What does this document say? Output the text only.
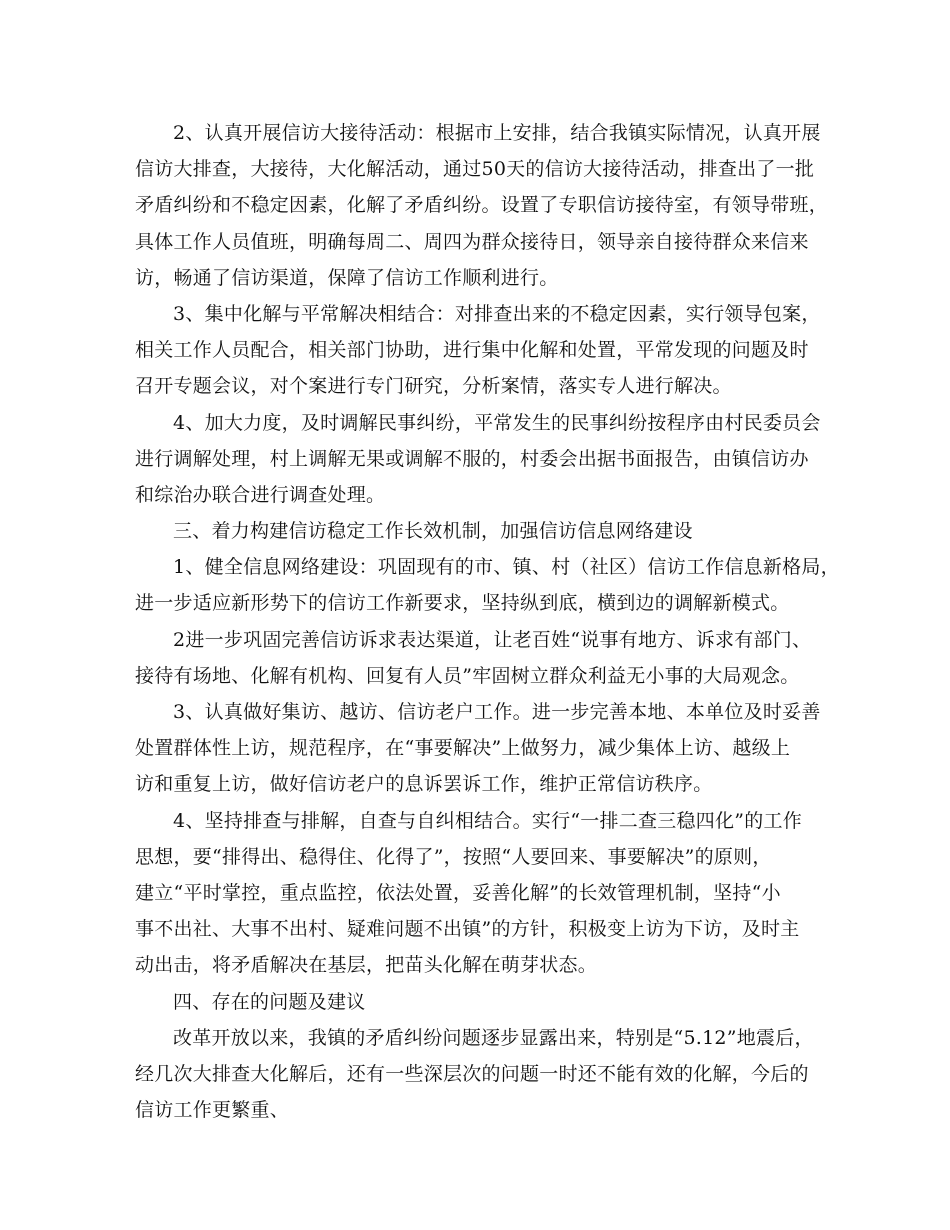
2、认真开展信访大接待活动：根据市上安排，结合我镇实际情况，认真开展
信访大排查，大接待，大化解活动，通过50天的信访大接待活动，排查出了一批
矛盾纠纷和不稳定因素，化解了矛盾纠纷。设置了专职信访接待室，有领导带班，
具体工作人员值班，明确每周二、周四为群众接待日，领导亲自接待群众来信来
访，畅通了信访渠道，保障了信访工作顺利进行。
3、集中化解与平常解决相结合：对排查出来的不稳定因素，实行领导包案，
相关工作人员配合，相关部门协助，进行集中化解和处置，平常发现的问题及时
召开专题会议，对个案进行专门研究，分析案情，落实专人进行解决。
4、加大力度，及时调解民事纠纷，平常发生的民事纠纷按程序由村民委员会
进行调解处理，村上调解无果或调解不服的，村委会出据书面报告，由镇信访办
和综治办联合进行调查处理。
三、着力构建信访稳定工作长效机制，加强信访信息网络建设
1、健全信息网络建设：巩固现有的市、镇、村（社区）信访工作信息新格局，
进一步适应新形势下的信访工作新要求，坚持纵到底，横到边的调解新模式。
2进一步巩固完善信访诉求表达渠道，让老百姓“说事有地方、诉求有部门、
接待有场地、化解有机构、回复有人员”牢固树立群众利益无小事的大局观念。
3、认真做好集访、越访、信访老户工作。进一步完善本地、本单位及时妥善
处置群体性上访，规范程序，在“事要解决”上做努力，减少集体上访、越级上
访和重复上访，做好信访老户的息诉罢诉工作，维护正常信访秩序。
4、坚持排查与排解，自查与自纠相结合。实行“一排二查三稳四化”的工作
思想，要“排得出、稳得住、化得了”，按照“人要回来、事要解决”的原则，
建立“平时掌控，重点监控，依法处置，妥善化解”的长效管理机制，坚持“小
事不出社、大事不出村、疑难问题不出镇”的方针，积极变上访为下访，及时主
动出击，将矛盾解决在基层，把苗头化解在萌芽状态。
四、存在的问题及建议
改革开放以来，我镇的矛盾纠纷问题逐步显露出来，特别是“5.12”地震后，
经几次大排查大化解后，还有一些深层次的问题一时还不能有效的化解，今后的
信访工作更繁重、
